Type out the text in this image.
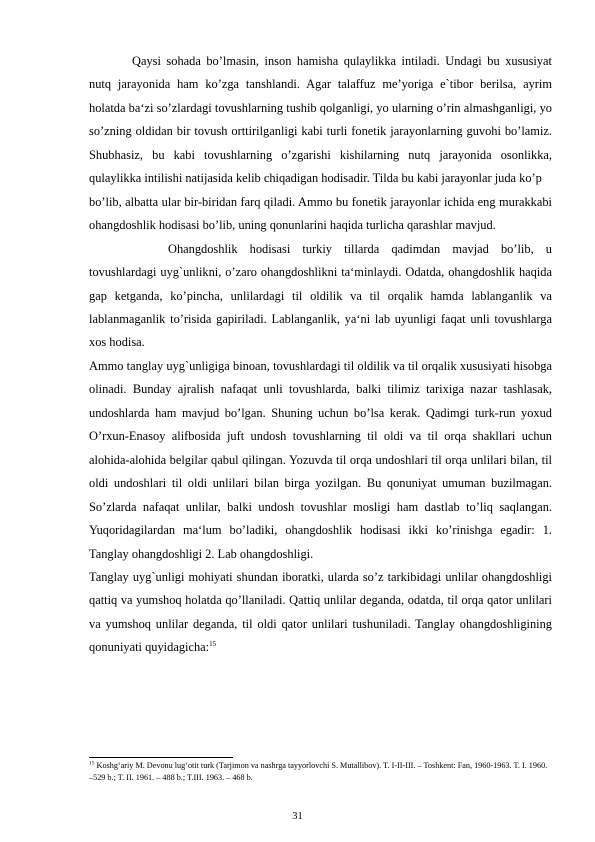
Qaysi sohada bo’lmasin, inson hamisha qulaylikka intiladi. Undagi bu xususiyat nutq jarayonida ham ko’zga tanshlandi. Agar talaffuz me’yoriga e`tibor berilsa, ayrim holatda ba‘zi so’zlardagi tovushlarning tushib qolganligi, yo ularning o’rin almashganligi, yo so’zning oldidan bir tovush orttirilganligi kabi turli fonetik jarayonlarning guvohi bo’lamiz. Shubhasiz, bu kabi tovushlarning o’zgarishi kishilarning nutq jarayonida osonlikka, qulaylikka intilishi natijasida kelib chiqadigan hodisadir. Tilda bu kabi jarayonlar juda ko’p

bo’lib, albatta ular bir-biridan farq qiladi. Ammo bu fonetik jarayonlar ichida eng murakkabi ohangdoshlik hodisasi bo’lib, uning qonunlarini haqida turlicha qarashlar mavjud.

Ohangdoshlik hodisasi turkiy tillarda qadimdan mavjad bo’lib, u tovushlardagi uyg`unlikni, o’zaro ohangdoshlikni ta‘minlaydi. Odatda, ohangdoshlik haqida gap ketganda, ko’pincha, unlilardagi til oldilik va til orqalik hamda lablanganlik va lablanmaganlik to’risida gapiriladi. Lablanganlik, ya‘ni lab uyunligi faqat unli tovushlarga xos hodisa.

Ammo tanglay uyg`unligiga binoan, tovushlardagi til oldilik va til orqalik xususiyati hisobga olinadi. Bunday ajralish nafaqat unli tovushlarda, balki tilimiz tarixiga nazar tashlasak, undoshlarda ham mavjud bo’lgan. Shuning uchun bo’lsa kerak. Qadimgi turk-run yoxud O’rxun-Enasoy alifbosida juft undosh tovushlarning til oldi va til orqa shakllari uchun alohida-alohida belgilar qabul qilingan. Yozuvda til orqa undoshlari til orqa unlilari bilan, til oldi undoshlari til oldi unlilari bilan birga yozilgan. Bu qonuniyat umuman buzilmagan. So’zlarda nafaqat unlilar, balki undosh tovushlar mosligi ham dastlab to’liq saqlangan. Yuqoridagilardan ma‘lum bo’ladiki, ohangdoshlik hodisasi ikki ko’rinishga egadir: 1. Tanglay ohangdoshligi 2. Lab ohangdoshligi.

Tanglay uyg`unligi mohiyati shundan iboratki, ularda so’z tarkibidagi unlilar ohangdoshligi qattiq va yumshoq holatda qo’llaniladi. Qattiq unlilar deganda, odatda, til orqa qator unlilari va yumshoq unlilar deganda, til oldi qator unlilari tushuniladi. Tanglay ohangdoshligining qonuniyati quyidagicha:$^{15}$

$^{15}$ Koshg‘ariy M. Devonu lug‘otit turk (Tarjimon va nashrga tayyorlovchi S. Mutallibov). T. I-II-III. – Toshkent: Fan, 1960-1963. T. I. 1960. –529 b.; T. II. 1961. – 488 b.; T.III. 1963. – 468 b.
31
